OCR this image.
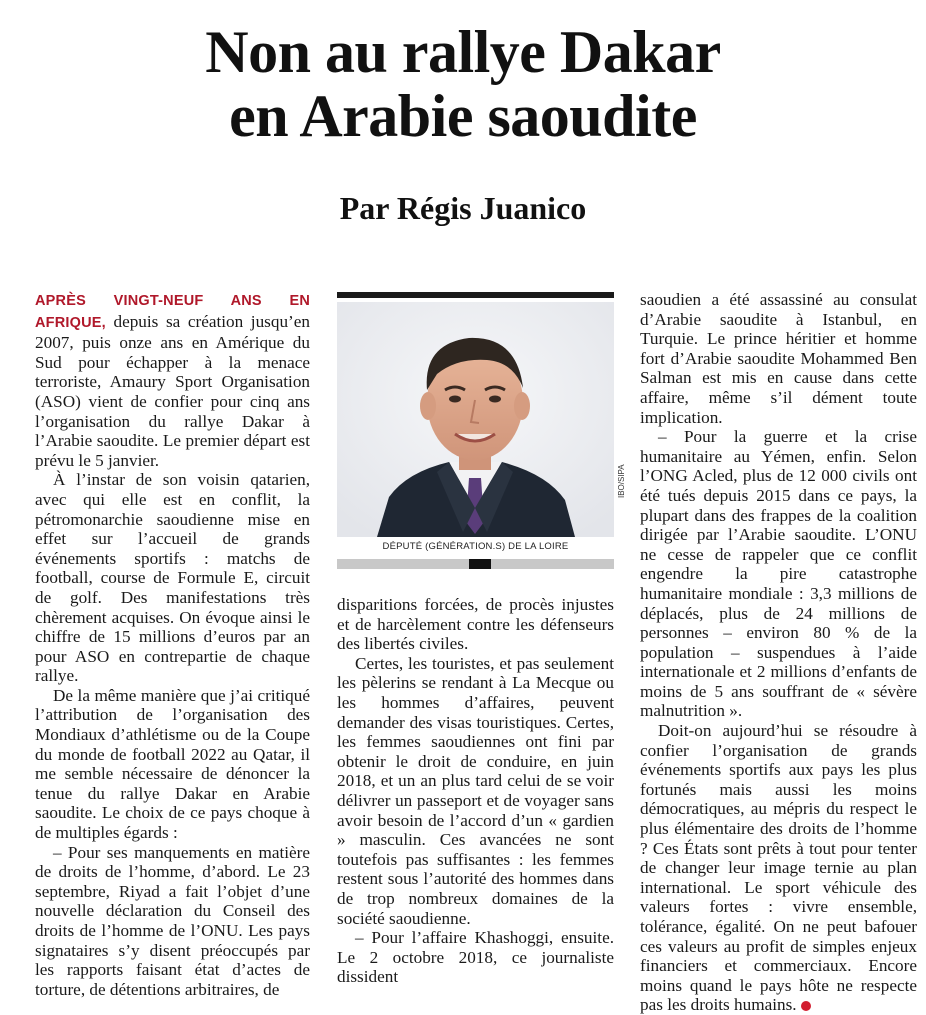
Non au rallye Dakar
en Arabie saoudite
Par Régis Juanico

APRÈS VINGT-NEUF ANS EN AFRIQUE, depuis sa création jusqu’en 2007, puis onze ans en Amérique du Sud pour échapper à la menace terroriste, Amaury Sport Organisation (ASO) vient de confier pour cinq ans l’organisation du rallye Dakar à l’Arabie saoudite. Le premier départ est prévu le 5 janvier.

À l’instar de son voisin qatarien, avec qui elle est en conflit, la pétromonarchie saoudienne mise en effet sur l’accueil de grands événements sportifs : matchs de football, course de Formule E, circuit de golf. Des manifestations très chèrement acquises. On évoque ainsi le chiffre de 15 millions d’euros par an pour ASO en contrepartie de chaque rallye.

De la même manière que j’ai critiqué l’attribution de l’organisation des Mondiaux d’athlétisme ou de la Coupe du monde de football 2022 au Qatar, il me semble nécessaire de dénoncer la tenue du rallye Dakar en Arabie saoudite. Le choix de ce pays choque à de multiples égards :

– Pour ses manquements en matière de droits de l’homme, d’abord. Le 23 septembre, Riyad a fait l’objet d’une nouvelle déclaration du Conseil des droits de l’homme de l’ONU. Les pays signataires s’y disent préoccupés par les rapports faisant état d’actes de torture, de détentions arbitraires, de

IBO/SIPA
DÉPUTÉ (GÉNÉRATION.S) DE LA LOIRE

disparitions forcées, de procès injustes et de harcèlement contre les défenseurs des libertés civiles.

Certes, les touristes, et pas seulement les pèlerins se rendant à La Mecque ou les hommes d’affaires, peuvent demander des visas touristiques. Certes, les femmes saoudiennes ont fini par obtenir le droit de conduire, en juin 2018, et un an plus tard celui de se voir délivrer un passeport et de voyager sans avoir besoin de l’accord d’un « gardien » masculin. Ces avancées ne sont toutefois pas suffisantes : les femmes restent sous l’autorité des hommes dans de trop nombreux domaines de la société saoudienne.

– Pour l’affaire Khashoggi, ensuite. Le 2 octobre 2018, ce journaliste dissident

saoudien a été assassiné au consulat d’Arabie saoudite à Istanbul, en Turquie. Le prince héritier et homme fort d’Arabie saoudite Mohammed Ben Salman est mis en cause dans cette affaire, même s’il dément toute implication.

– Pour la guerre et la crise humanitaire au Yémen, enfin. Selon l’ONG Acled, plus de 12 000 civils ont été tués depuis 2015 dans ce pays, la plupart dans des frappes de la coalition dirigée par l’Arabie saoudite. L’ONU ne cesse de rappeler que ce conflit engendre la pire catastrophe humanitaire mondiale : 3,3 millions de déplacés, plus de 24 millions de personnes – environ 80 % de la population – suspendues à l’aide internationale et 2 millions d’enfants de moins de 5 ans souffrant de « sévère malnutrition ».

Doit-on aujourd’hui se résoudre à confier l’organisation de grands événements sportifs aux pays les plus fortunés mais aussi les moins démocratiques, au mépris du respect le plus élémentaire des droits de l’homme ? Ces États sont prêts à tout pour tenter de changer leur image ternie au plan international. Le sport véhicule des valeurs fortes : vivre ensemble, tolérance, égalité. On ne peut bafouer ces valeurs au profit de simples enjeux financiers et commerciaux. Encore moins quand le pays hôte ne respecte pas les droits humains.
